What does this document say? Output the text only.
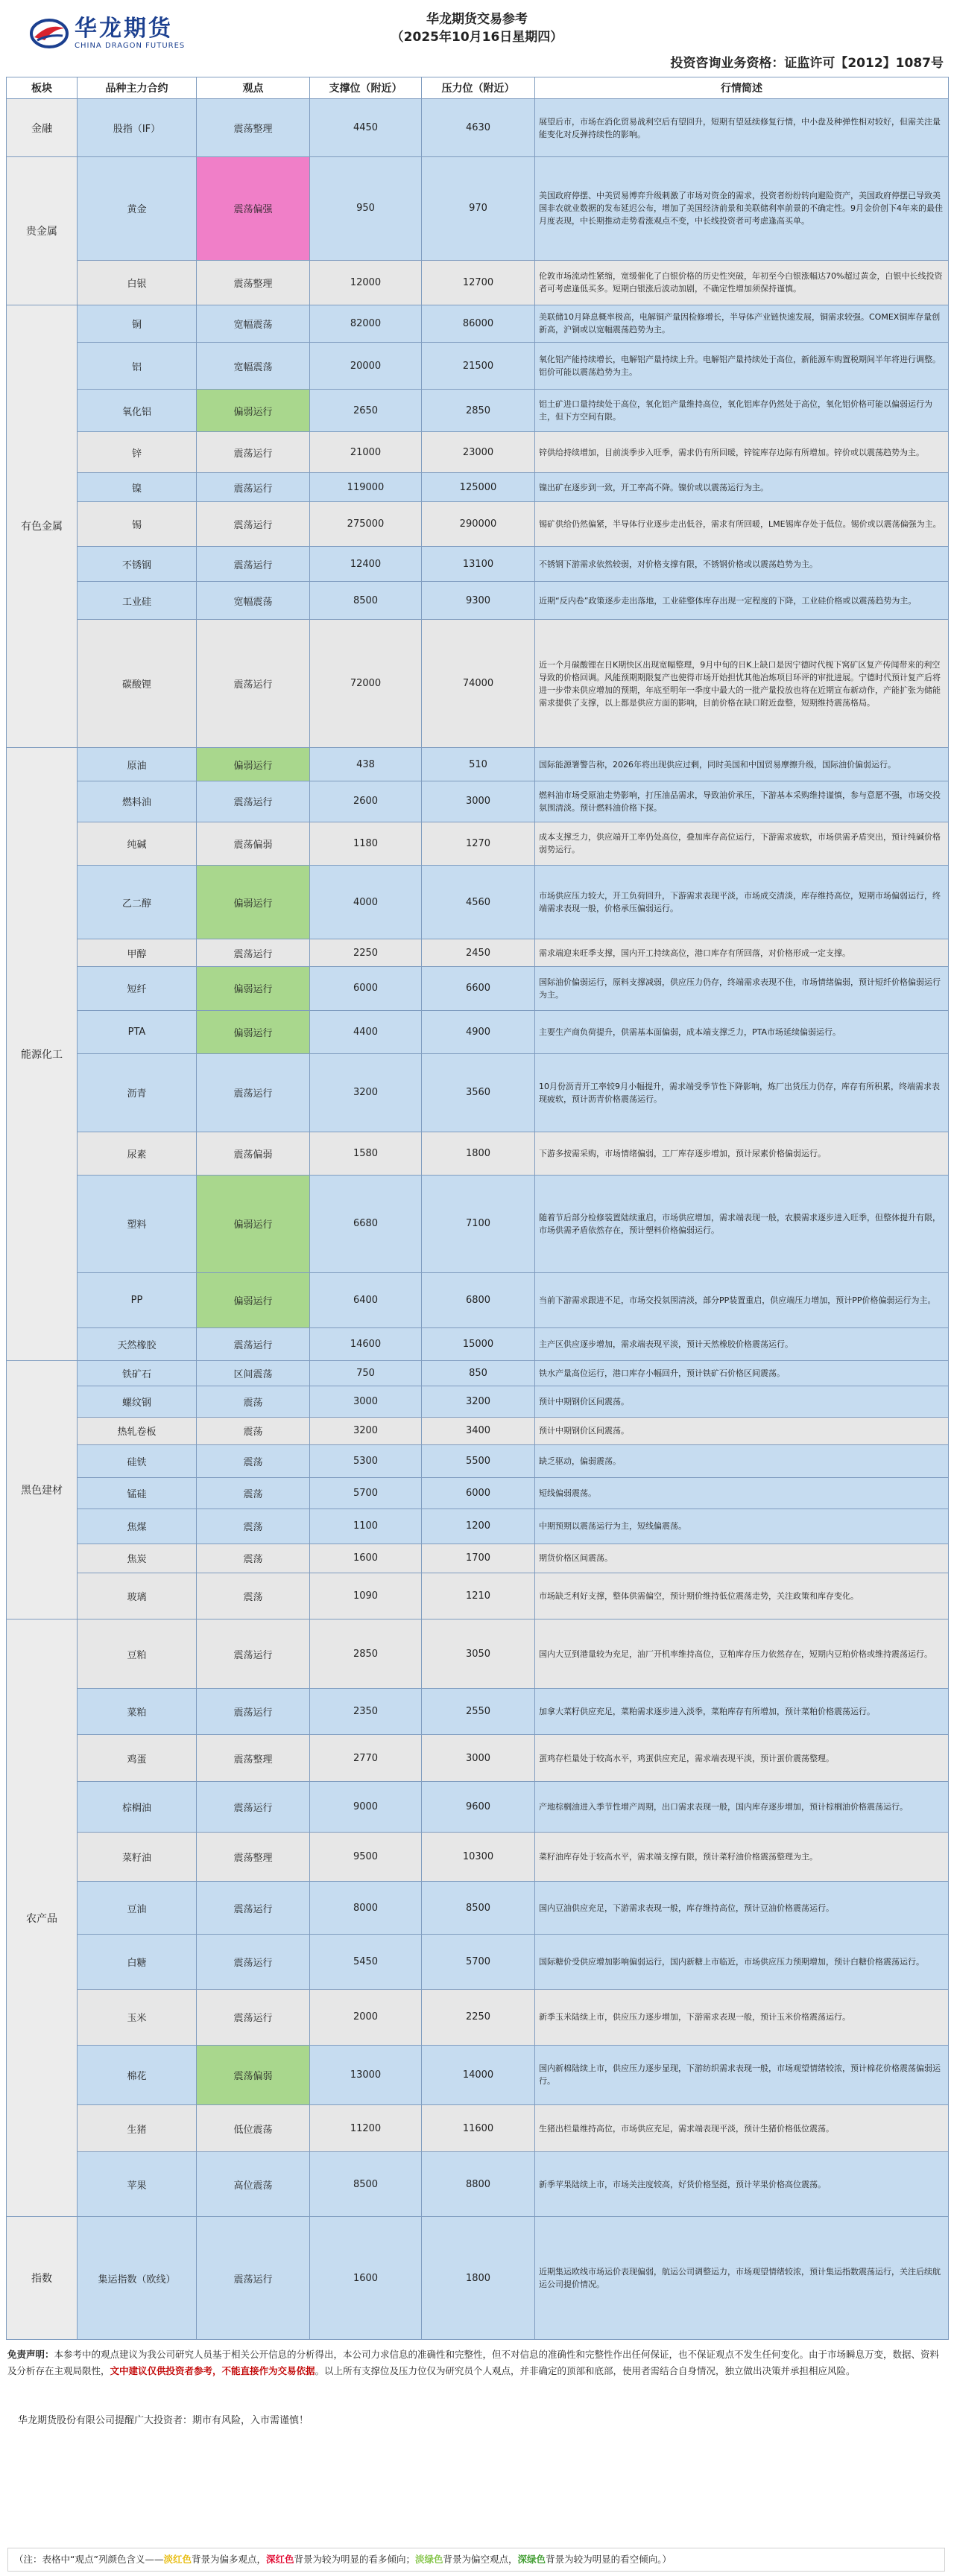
华龙期货
CHINA DRAGON FUTURES
华龙期货交易参考
（2025年10月16日星期四）
投资咨询业务资格：证监许可【2012】1087号
板块	品种主力合约	观点	支撑位（附近）	压力位（附近）	行情简述
金融	股指（IF）	震荡整理	4450	4630	展望后市，市场在消化贸易战利空后有望回升，短期有望延续修复行情，中小盘及种弹性相对较好，但需关注量能变化对反弹持续性的影响。
贵金属	黄金	震荡偏强	950	970	美国政府停摆、中美贸易博弈升级刺激了市场对资金的需求，投资者纷纷转向避险资产，美国政府停摆已导致美国非农就业数据的发布延迟公布，增加了美国经济前景和美联储利率前景的不确定性。9月金价创下4年来的最佳月度表现，中长期推动走势看涨观点不变，中长线投资者可考虑逢高买单。
	白银	震荡整理	12000	12700	伦敦市场流动性紧缩，宽缓催化了白银价格的历史性突破，年初至今白银涨幅达70%超过黄金，白银中长线投资者可考虑逢低买多。短期白银涨后波动加剧，不确定性增加须保持谨慎。
有色金属	铜	宽幅震荡	82000	86000	美联储10月降息概率极高，电解铜产量因检修增长，半导体产业链快速发展，铜需求较强。COMEX铜库存量创新高，沪铜或以宽幅震荡趋势为主。
	铝	宽幅震荡	20000	21500	氧化铝产能持续增长，电解铝产量持续上升。电解铝产量持续处于高位，新能源车购置税期间半年将进行调整。铝价可能以震荡趋势为主。
	氧化铝	偏弱运行	2650	2850	铝土矿进口量持续处于高位，氧化铝产量维持高位，氧化铝库存仍然处于高位，氧化铝价格可能以偏弱运行为主，但下方空间有限。
	锌	震荡运行	21000	23000	锌供给持续增加，目前淡季步入旺季，需求仍有所回暖，锌锭库存边际有所增加。锌价或以震荡趋势为主。
	镍	震荡运行	119000	125000	镍出矿在逐步到一致，开工率高不降。镍价或以震荡运行为主。
	锡	震荡运行	275000	290000	锡矿供给仍然偏紧，半导体行业逐步走出低谷，需求有所回暖，LME锡库存处于低位。锡价或以震荡偏强为主。
	不锈钢	震荡运行	12400	13100	不锈钢下游需求依然较弱，对价格支撑有限，不锈钢价格或以震荡趋势为主。
	工业硅	宽幅震荡	8500	9300	近期“反内卷”政策逐步走出落地，工业硅整体库存出现一定程度的下降，工业硅价格或以震荡趋势为主。
	碳酸锂	震荡运行	72000	74000	近一个月碳酸锂在日K期快区出现宽幅整理，9月中旬的日K上缺口是因宁德时代枧下窝矿区复产传闻带来的利空导致的价格回调。风能预期期限复产也使得市场开始担忧其他冶炼项目环评的审批进展。宁德时代预计复产后将进一步带来供应增加的预期，年底至明年一季度中最大的一批产量投放也将在近期宣布新动作，产能扩张为储能需求提供了支撑，以上都是供应方面的影响，目前价格在缺口附近盘整，短期维持震荡格局。
能源化工	原油	偏弱运行	438	510	国际能源署警告称，2026年将出现供应过剩，同时美国和中国贸易摩擦升级，国际油价偏弱运行。
	燃料油	震荡运行	2600	3000	燃料油市场受原油走势影响，打压油品需求，导致油价承压，下游基本采购维持谨慎，参与意愿不强，市场交投氛围清淡。预计燃料油价格下探。
	纯碱	震荡偏弱	1180	1270	成本支撑乏力，供应端开工率仍处高位，叠加库存高位运行，下游需求疲软，市场供需矛盾突出，预计纯碱价格弱势运行。
	乙二醇	偏弱运行	4000	4560	市场供应压力较大，开工负荷回升，下游需求表现平淡，市场成交清淡，库存维持高位，短期市场偏弱运行，终端需求表现一般，价格承压偏弱运行。
	甲醇	震荡运行	2250	2450	需求端迎来旺季支撑，国内开工持续高位，港口库存有所回落，对价格形成一定支撑。
	短纤	偏弱运行	6000	6600	国际油价偏弱运行，原料支撑减弱，供应压力仍存，终端需求表现不佳，市场情绪偏弱，预计短纤价格偏弱运行为主。
	PTA	偏弱运行	4400	4900	主要生产商负荷提升，供需基本面偏弱，成本端支撑乏力，PTA市场延续偏弱运行。
	沥青	震荡运行	3200	3560	10月份沥青开工率较9月小幅提升，需求端受季节性下降影响，炼厂出货压力仍存，库存有所积累，终端需求表现疲软，预计沥青价格震荡运行。
	尿素	震荡偏弱	1580	1800	下游多按需采购，市场情绪偏弱，工厂库存逐步增加，预计尿素价格偏弱运行。
	塑料	偏弱运行	6680	7100	随着节后部分检修装置陆续重启，市场供应增加，需求端表现一般，农膜需求逐步进入旺季，但整体提升有限，市场供需矛盾依然存在，预计塑料价格偏弱运行。
	PP	偏弱运行	6400	6800	当前下游需求跟进不足，市场交投氛围清淡，部分PP装置重启，供应端压力增加，预计PP价格偏弱运行为主。
	天然橡胶	震荡运行	14600	15000	主产区供应逐步增加，需求端表现平淡，预计天然橡胶价格震荡运行。
黑色建材	铁矿石	区间震荡	750	850	铁水产量高位运行，港口库存小幅回升，预计铁矿石价格区间震荡。
	螺纹钢	震荡	3000	3200	预计中期钢价区间震荡。
	热轧卷板	震荡	3200	3400	预计中期钢价区间震荡。
	硅铁	震荡	5300	5500	缺乏驱动，偏弱震荡。
	锰硅	震荡	5700	6000	短线偏弱震荡。
	焦煤	震荡	1100	1200	中期预期以震荡运行为主，短线偏震荡。
	焦炭	震荡	1600	1700	期货价格区间震荡。
	玻璃	震荡	1090	1210	市场缺乏利好支撑，整体供需偏空，预计期价维持低位震荡走势，关注政策和库存变化。
农产品	豆粕	震荡运行	2850	3050	国内大豆到港量较为充足，油厂开机率维持高位，豆粕库存压力依然存在，短期内豆粕价格或维持震荡运行。
	菜粕	震荡运行	2350	2550	加拿大菜籽供应充足，菜粕需求逐步进入淡季，菜粕库存有所增加，预计菜粕价格震荡运行。
	鸡蛋	震荡整理	2770	3000	蛋鸡存栏量处于较高水平，鸡蛋供应充足，需求端表现平淡，预计蛋价震荡整理。
	棕榈油	震荡运行	9000	9600	产地棕榈油进入季节性增产周期，出口需求表现一般，国内库存逐步增加，预计棕榈油价格震荡运行。
	菜籽油	震荡整理	9500	10300	菜籽油库存处于较高水平，需求端支撑有限，预计菜籽油价格震荡整理为主。
	豆油	震荡运行	8000	8500	国内豆油供应充足，下游需求表现一般，库存维持高位，预计豆油价格震荡运行。
	白糖	震荡运行	5450	5700	国际糖价受供应增加影响偏弱运行，国内新糖上市临近，市场供应压力预期增加，预计白糖价格震荡运行。
	玉米	震荡运行	2000	2250	新季玉米陆续上市，供应压力逐步增加，下游需求表现一般，预计玉米价格震荡运行。
	棉花	震荡偏弱	13000	14000	国内新棉陆续上市，供应压力逐步显现，下游纺织需求表现一般，市场观望情绪较浓，预计棉花价格震荡偏弱运行。
	生猪	低位震荡	11200	11600	生猪出栏量维持高位，市场供应充足，需求端表现平淡，预计生猪价格低位震荡。
	苹果	高位震荡	8500	8800	新季苹果陆续上市，市场关注度较高，好货价格坚挺，预计苹果价格高位震荡。
指数	集运指数（欧线）	震荡运行	1600	1800	近期集运欧线市场运价表现偏弱，航运公司调整运力，市场观望情绪较浓，预计集运指数震荡运行，关注后续航运公司提价情况。
免责声明：本参考中的观点建议为我公司研究人员基于相关公开信息的分析得出，本公司力求信息的准确性和完整性，但不对信息的准确性和完整性作出任何保证，也不保证观点不发生任何变化。由于市场瞬息万变，数据、资料及分析存在主观局限性，文中建议仅供投资者参考，不能直接作为交易依据。以上所有支撑位及压力位仅为研究员个人观点，并非确定的顶部和底部，使用者需结合自身情况，独立做出决策并承担相应风险。
华龙期货股份有限公司提醒广大投资者：期市有风险，入市需谨慎！
（注：表格中“观点”列颜色含义——淡红色背景为偏多观点，深红色背景为较为明显的看多倾向；淡绿色背景为偏空观点，深绿色背景为较为明显的看空倾向。）
